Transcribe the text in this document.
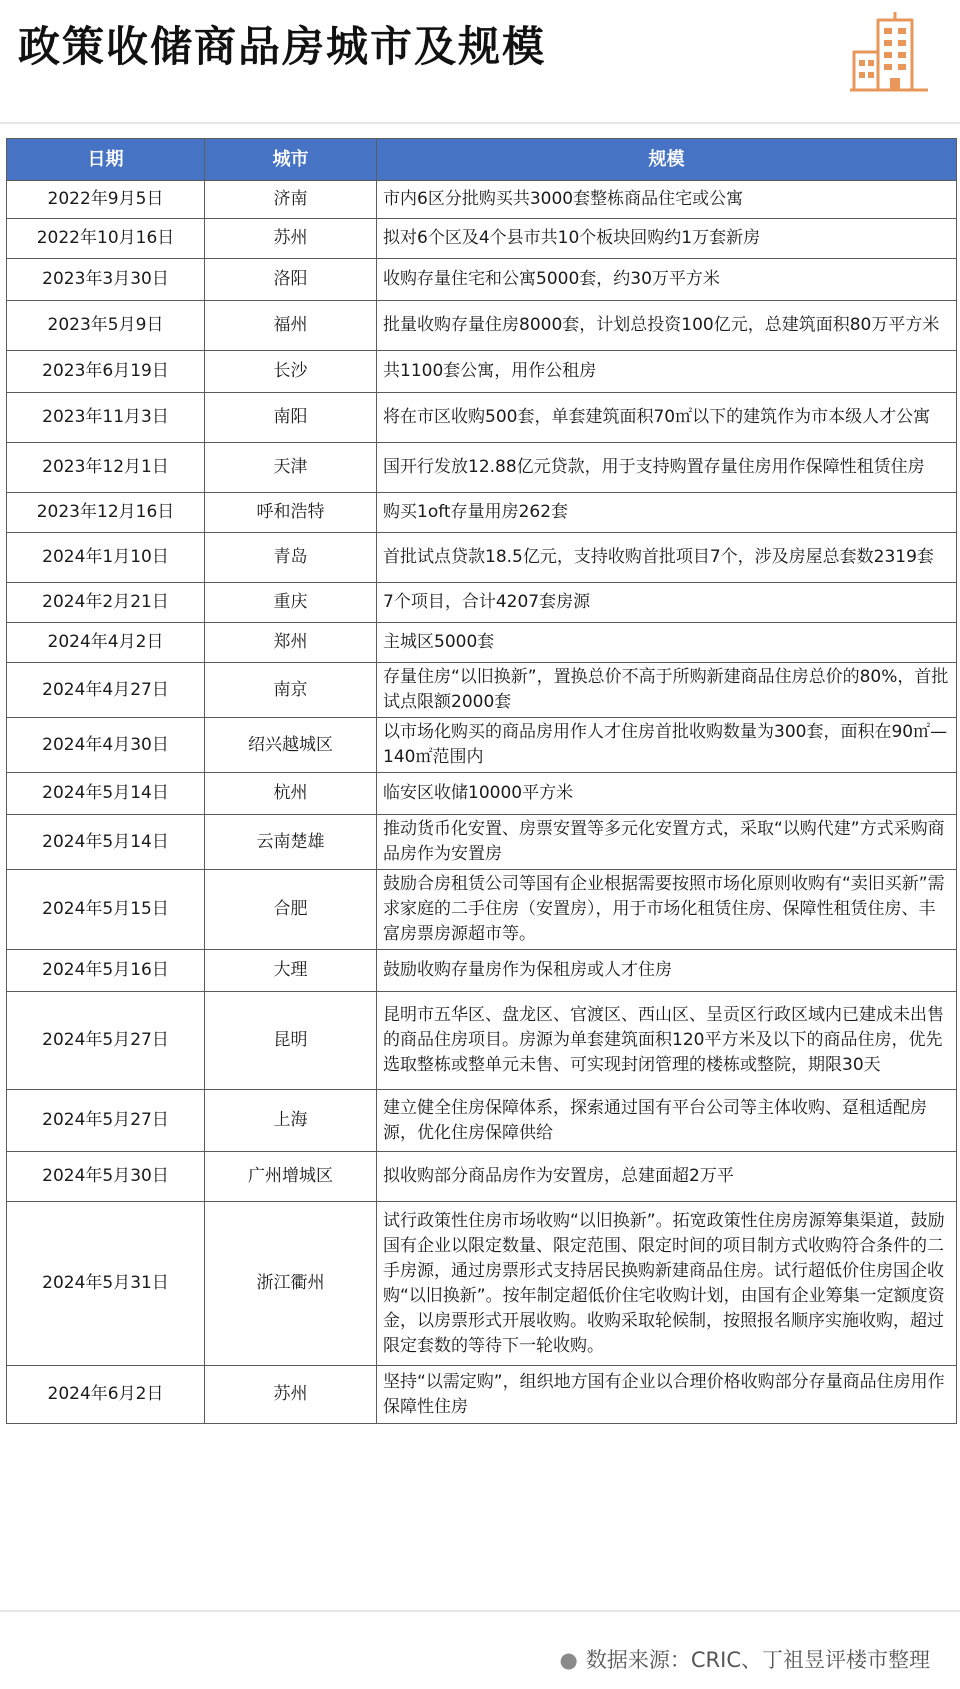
政策收储商品房城市及规模
日期	城市	规模
2022年9月5日	济南	市内6区分批购买共3000套整栋商品住宅或公寓
2022年10月16日	苏州	拟对6个区及4个县市共10个板块回购约1万套新房
2023年3月30日	洛阳	收购存量住宅和公寓5000套，约30万平方米
2023年5月9日	福州	批量收购存量住房8000套，计划总投资100亿元，总建筑面积80万平方米
2023年6月19日	长沙	共1100套公寓，用作公租房
2023年11月3日	南阳	将在市区收购500套，单套建筑面积70㎡以下的建筑作为市本级人才公寓
2023年12月1日	天津	国开行发放12.88亿元贷款，用于支持购置存量住房用作保障性租赁住房
2023年12月16日	呼和浩特	购买1oft存量用房262套
2024年1月10日	青岛	首批试点贷款18.5亿元，支持收购首批项目7个，涉及房屋总套数2319套
2024年2月21日	重庆	7个项目，合计4207套房源
2024年4月2日	郑州	主城区5000套
2024年4月27日	南京	存量住房“以旧换新”，置换总价不高于所购新建商品住房总价的80%，首批试点限额2000套
2024年4月30日	绍兴越城区	以市场化购买的商品房用作人才住房首批收购数量为300套，面积在90㎡—140㎡范围内
2024年5月14日	杭州	临安区收储10000平方米
2024年5月14日	云南楚雄	推动货币化安置、房票安置等多元化安置方式，采取“以购代建”方式采购商品房作为安置房
2024年5月15日	合肥	鼓励合房租赁公司等国有企业根据需要按照市场化原则收购有“卖旧买新”需求家庭的二手住房（安置房），用于市场化租赁住房、保障性租赁住房、丰富房票房源超市等。
2024年5月16日	大理	鼓励收购存量房作为保租房或人才住房
2024年5月27日	昆明	昆明市五华区、盘龙区、官渡区、西山区、呈贡区行政区域内已建成未出售的商品住房项目。房源为单套建筑面积120平方米及以下的商品住房，优先选取整栋或整单元未售、可实现封闭管理的楼栋或整院，期限30天
2024年5月27日	上海	建立健全住房保障体系，探索通过国有平台公司等主体收购、趸租适配房源，优化住房保障供给
2024年5月30日	广州增城区	拟收购部分商品房作为安置房，总建面超2万平
2024年5月31日	浙江衢州	试行政策性住房市场收购“以旧换新”。拓宽政策性住房房源筹集渠道，鼓励国有企业以限定数量、限定范围、限定时间的项目制方式收购符合条件的二手房源，通过房票形式支持居民换购新建商品住房。试行超低价住房国企收购“以旧换新”。按年制定超低价住宅收购计划，由国有企业筹集一定额度资金，以房票形式开展收购。收购采取轮候制，按照报名顺序实施收购，超过限定套数的等待下一轮收购。
2024年6月2日	苏州	坚持“以需定购”，组织地方国有企业以合理价格收购部分存量商品住房用作保障性住房
● 数据来源：CRIC、丁祖昱评楼市整理
